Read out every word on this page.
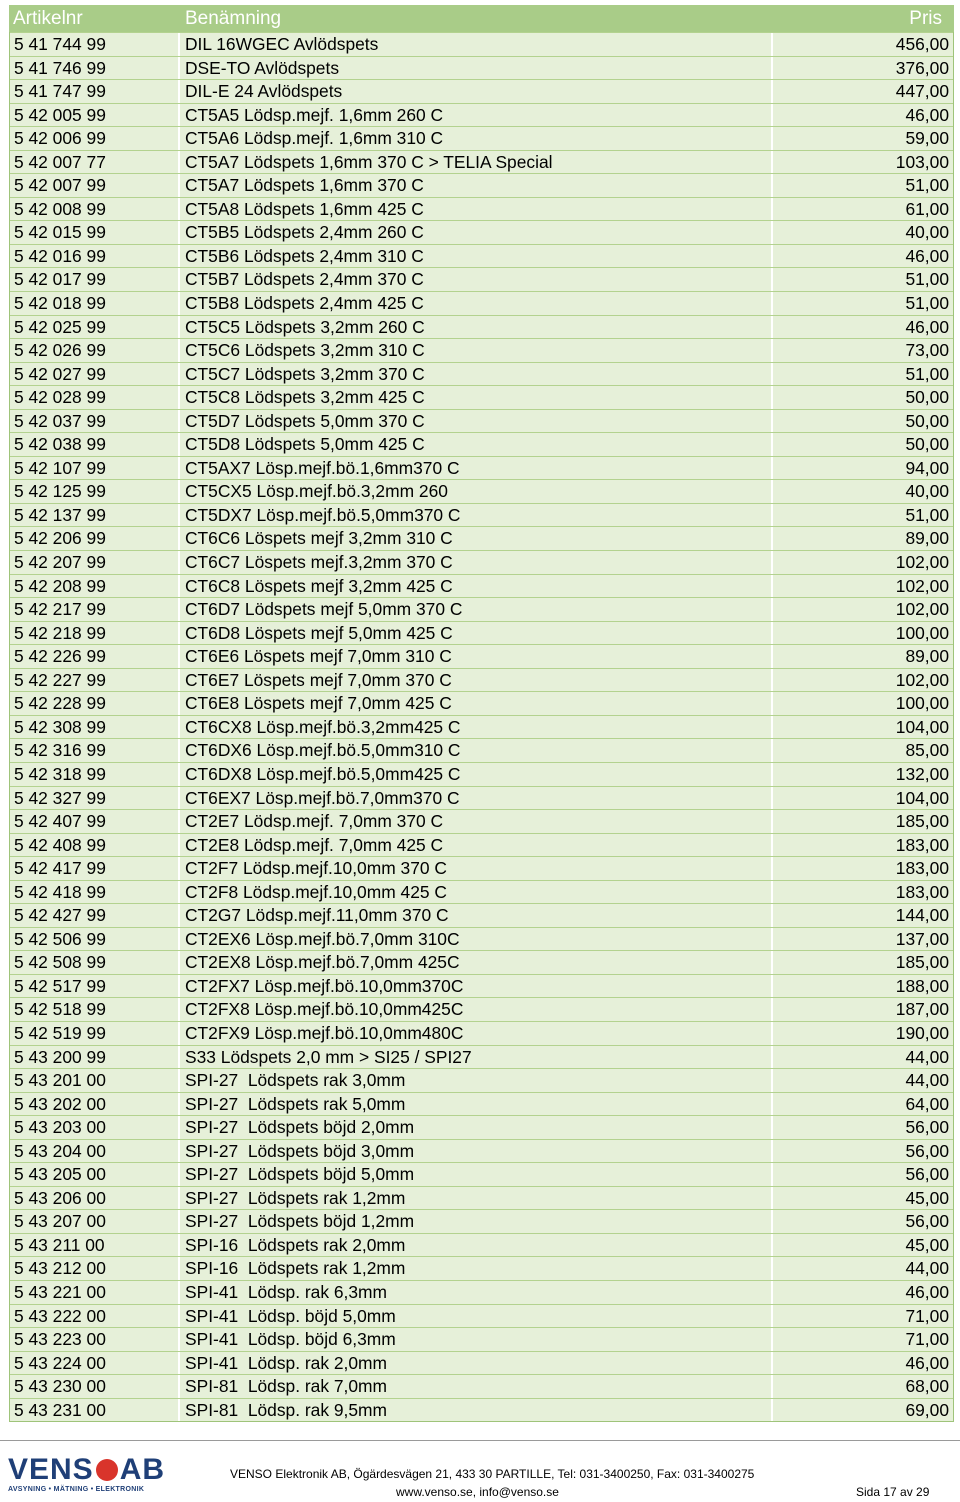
Artikelnr	Benämning	Pris
5 41 744 99	DIL 16WGEC Avlödspets	456,00
5 41 746 99	DSE-TO Avlödspets	376,00
5 41 747 99	DIL-E 24 Avlödspets	447,00
5 42 005 99	CT5A5 Lödsp.mejf. 1,6mm 260 C	46,00
5 42 006 99	CT5A6 Lödsp.mejf. 1,6mm 310 C	59,00
5 42 007 77	CT5A7 Lödspets 1,6mm 370 C > TELIA Special	103,00
5 42 007 99	CT5A7 Lödspets 1,6mm 370 C	51,00
5 42 008 99	CT5A8 Lödspets 1,6mm 425 C	61,00
5 42 015 99	CT5B5 Lödspets 2,4mm 260 C	40,00
5 42 016 99	CT5B6 Lödspets 2,4mm 310 C	46,00
5 42 017 99	CT5B7 Lödspets 2,4mm 370 C	51,00
5 42 018 99	CT5B8 Lödspets 2,4mm 425 C	51,00
5 42 025 99	CT5C5 Lödspets 3,2mm 260 C	46,00
5 42 026 99	CT5C6 Lödspets 3,2mm 310 C	73,00
5 42 027 99	CT5C7 Lödspets 3,2mm 370 C	51,00
5 42 028 99	CT5C8 Lödspets 3,2mm 425 C	50,00
5 42 037 99	CT5D7 Lödspets 5,0mm 370 C	50,00
5 42 038 99	CT5D8 Lödspets 5,0mm 425 C	50,00
5 42 107 99	CT5AX7 Lösp.mejf.bö.1,6mm370 C	94,00
5 42 125 99	CT5CX5 Lösp.mejf.bö.3,2mm 260	40,00
5 42 137 99	CT5DX7 Lösp.mejf.bö.5,0mm370 C	51,00
5 42 206 99	CT6C6 Löspets mejf 3,2mm 310 C	89,00
5 42 207 99	CT6C7 Löspets mejf.3,2mm 370 C	102,00
5 42 208 99	CT6C8 Löspets mejf 3,2mm 425 C	102,00
5 42 217 99	CT6D7 Lödspets mejf 5,0mm 370 C	102,00
5 42 218 99	CT6D8 Löspets mejf 5,0mm 425 C	100,00
5 42 226 99	CT6E6 Löspets mejf 7,0mm 310 C	89,00
5 42 227 99	CT6E7 Löspets mejf 7,0mm 370 C	102,00
5 42 228 99	CT6E8 Löspets mejf 7,0mm 425 C	100,00
5 42 308 99	CT6CX8 Lösp.mejf.bö.3,2mm425 C	104,00
5 42 316 99	CT6DX6 Lösp.mejf.bö.5,0mm310 C	85,00
5 42 318 99	CT6DX8 Lösp.mejf.bö.5,0mm425 C	132,00
5 42 327 99	CT6EX7 Lösp.mejf.bö.7,0mm370 C	104,00
5 42 407 99	CT2E7 Lödsp.mejf. 7,0mm 370 C	185,00
5 42 408 99	CT2E8 Lödsp.mejf. 7,0mm 425 C	183,00
5 42 417 99	CT2F7 Lödsp.mejf.10,0mm 370 C	183,00
5 42 418 99	CT2F8 Lödsp.mejf.10,0mm 425 C	183,00
5 42 427 99	CT2G7 Lödsp.mejf.11,0mm 370 C	144,00
5 42 506 99	CT2EX6 Lösp.mejf.bö.7,0mm 310C	137,00
5 42 508 99	CT2EX8 Lösp.mejf.bö.7,0mm 425C	185,00
5 42 517 99	CT2FX7 Lösp.mejf.bö.10,0mm370C	188,00
5 42 518 99	CT2FX8 Lösp.mejf.bö.10,0mm425C	187,00
5 42 519 99	CT2FX9 Lösp.mejf.bö.10,0mm480C	190,00
5 43 200 99	S33 Lödspets 2,0 mm > SI25 / SPI27	44,00
5 43 201 00	SPI-27  Lödspets rak 3,0mm	44,00
5 43 202 00	SPI-27  Lödspets rak 5,0mm	64,00
5 43 203 00	SPI-27  Lödspets böjd 2,0mm	56,00
5 43 204 00	SPI-27  Lödspets böjd 3,0mm	56,00
5 43 205 00	SPI-27  Lödspets böjd 5,0mm	56,00
5 43 206 00	SPI-27  Lödspets rak 1,2mm	45,00
5 43 207 00	SPI-27  Lödspets böjd 1,2mm	56,00
5 43 211 00	SPI-16  Lödspets rak 2,0mm	45,00
5 43 212 00	SPI-16  Lödspets rak 1,2mm	44,00
5 43 221 00	SPI-41  Lödsp. rak 6,3mm	46,00
5 43 222 00	SPI-41  Lödsp. böjd 5,0mm	71,00
5 43 223 00	SPI-41  Lödsp. böjd 6,3mm	71,00
5 43 224 00	SPI-41  Lödsp. rak 2,0mm	46,00
5 43 230 00	SPI-81  Lödsp. rak 7,0mm	68,00
5 43 231 00	SPI-81  Lödsp. rak 9,5mm	69,00
VENS AB
AVSYNING • MÄTNING • ELEKTRONIK
VENSO Elektronik AB, Ögärdesvägen 21, 433 30 PARTILLE, Tel: 031-3400250, Fax: 031-3400275
www.venso.se, info@venso.se	Sida 17 av 29
